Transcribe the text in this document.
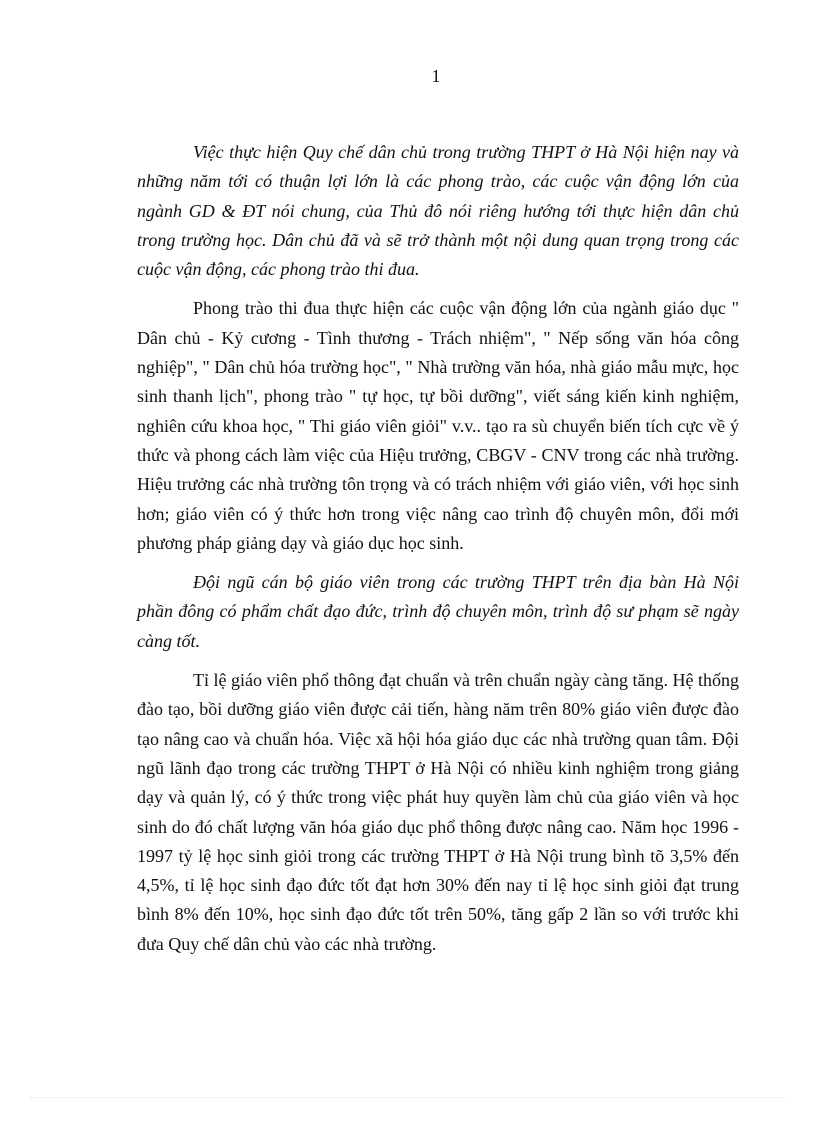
1

Việc thực hiện Quy chế dân chủ trong trường THPT ở Hà Nội hiện nay và những năm tới có thuận lợi lớn là các phong trào, các cuộc vận động lớn của ngành GD & ĐT nói chung, của Thủ đô nói riêng hướng tới thực hiện dân chủ trong trường học. Dân chủ đã và sẽ trở thành một nội dung quan trọng trong các cuộc vận động, các phong trào thi đua.

Phong trào thi đua thực hiện các cuộc vận động lớn của ngành giáo dục " Dân chủ - Kỷ cương - Tình thương - Trách nhiệm", " Nếp sống văn hóa công nghiệp", " Dân chủ hóa trường học", " Nhà trường văn hóa, nhà giáo mẫu mực, học sinh thanh lịch", phong trào " tự học, tự bồi dưỡng", viết sáng kiến kinh nghiệm, nghiên cứu khoa học, " Thi giáo viên giỏi" v.v.. tạo ra sù chuyển biến tích cực về ý thức và phong cách làm việc của Hiệu trưởng, CBGV - CNV trong các nhà trường. Hiệu trưởng các nhà trường tôn trọng và có trách nhiệm với giáo viên, với học sinh hơn; giáo viên có ý thức hơn trong việc nâng cao trình độ chuyên môn, đổi mới phương pháp giảng dạy và giáo dục học sinh.

Đội ngũ cán bộ giáo viên trong các trường THPT trên địa bàn Hà Nội phần đông có phẩm chất đạo đức, trình độ chuyên môn, trình độ sư phạm sẽ ngày càng tốt.

Tỉ lệ giáo viên phổ thông đạt chuẩn và trên chuẩn ngày càng tăng. Hệ thống đào tạo, bồi dưỡng giáo viên được cải tiến, hàng năm trên 80% giáo viên được đào tạo nâng cao và chuẩn hóa. Việc xã hội hóa giáo dục các nhà trường quan tâm. Đội ngũ lãnh đạo trong các trường THPT ở Hà Nội có nhiều kinh nghiệm trong giảng dạy và quản lý, có ý thức trong việc phát huy quyền làm chủ của giáo viên và học sinh do đó chất lượng văn hóa giáo dục phổ thông được nâng cao. Năm học 1996 - 1997 tỷ lệ học sinh giỏi trong các trường THPT ở Hà Nội trung bình tõ 3,5% đến 4,5%, tỉ lệ học sinh đạo đức tốt đạt hơn 30% đến nay tỉ lệ học sinh giỏi đạt trung bình 8% đến 10%, học sinh đạo đức tốt trên 50%, tăng gấp 2 lần so với trước khi đưa Quy chế dân chủ vào các nhà trường.
